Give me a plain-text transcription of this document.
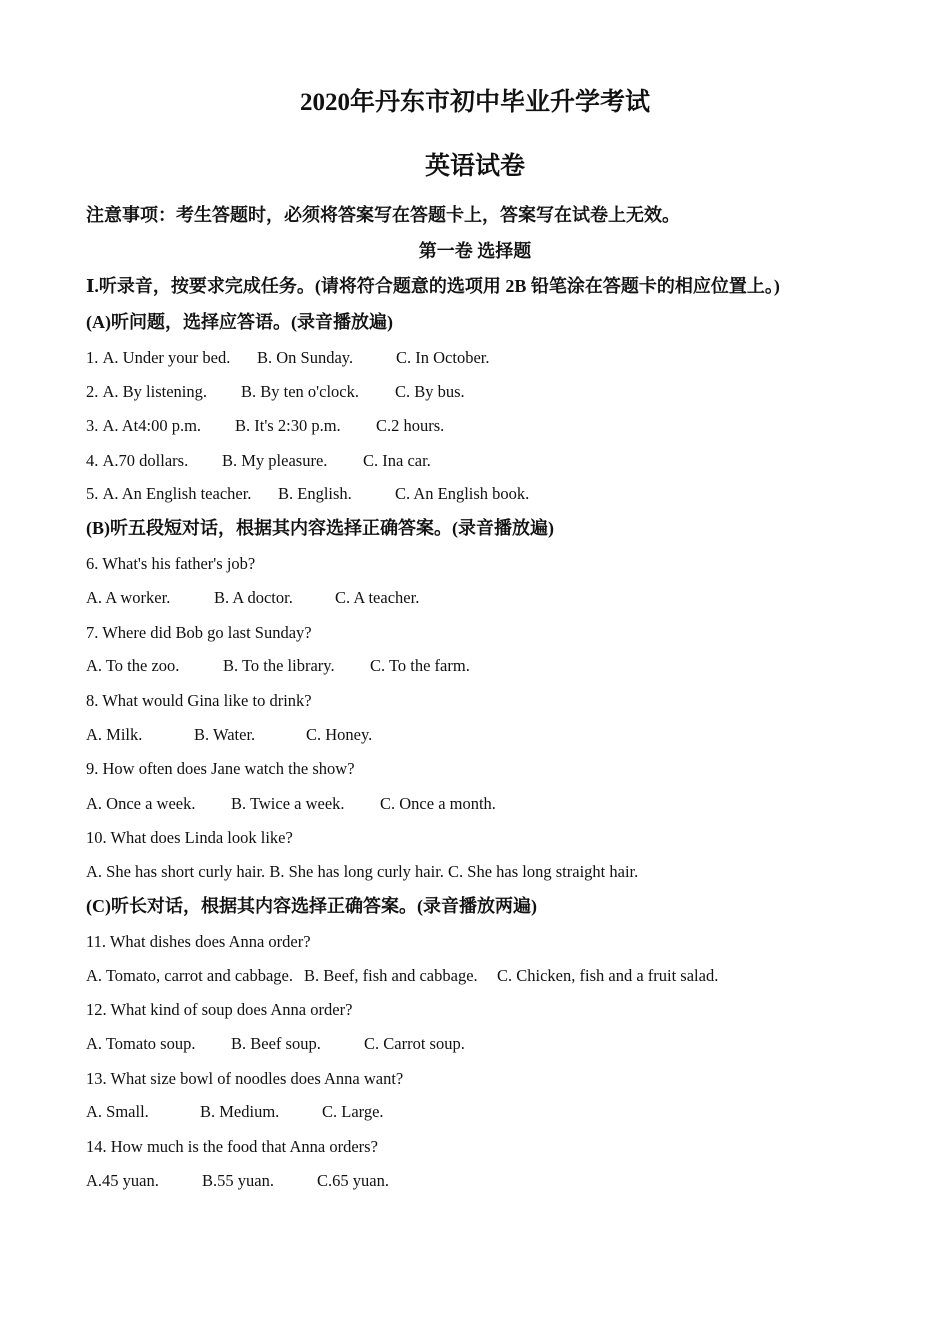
2020年丹东市初中毕业升学考试
英语试卷
注意事项：考生答题时，必须将答案写在答题卡上，答案写在试卷上无效。
第一卷 选择题
Ⅰ.听录音，按要求完成任务。(请将符合题意的选项用 2B 铅笔涂在答题卡的相应位置上。)
(A)听问题，选择应答语。(录音播放遍)
1. A. Under your bed. B. On Sunday.	C. In October.
2. A. By listening. B. By ten o'clock. C. By bus.
3. A. At4:00 p.m. B. It's 2:30 p.m. C.2 hours.
4. A.70 dollars. B. My pleasure. C. Ina car.
5. A. An English teacher. B. English.	C. An English book.
(B)听五段短对话，根据其内容选择正确答案。(录音播放遍)
6. What's his father's job?
A. A worker.	B. A doctor.	C. A teacher.
7. Where did Bob go last Sunday?
A. To the zoo.	B. To the library. C. To the farm.
8. What would Gina like to drink?
A. Milk.	B. Water.	C. Honey.
9. How often does Jane watch the show?
A. Once a week. B. Twice a week. C. Once a month.
10. What does Linda look like?
A. She has short curly hair. B. She has long curly hair. C. She has long straight hair.
(C)听长对话，根据其内容选择正确答案。(录音播放两遍)
11. What dishes does Anna order?
A. Tomato, carrot and cabbage. B. Beef, fish and cabbage. C. Chicken, fish and a fruit salad.
12. What kind of soup does Anna order?
A. Tomato soup. B. Beef soup.	C. Carrot soup.
13. What size bowl of noodles does Anna want?
A. Small.	B. Medium.	C. Large.
14. How much is the food that Anna orders?
A.45 yuan.	B.55 yuan.	C.65 yuan.
